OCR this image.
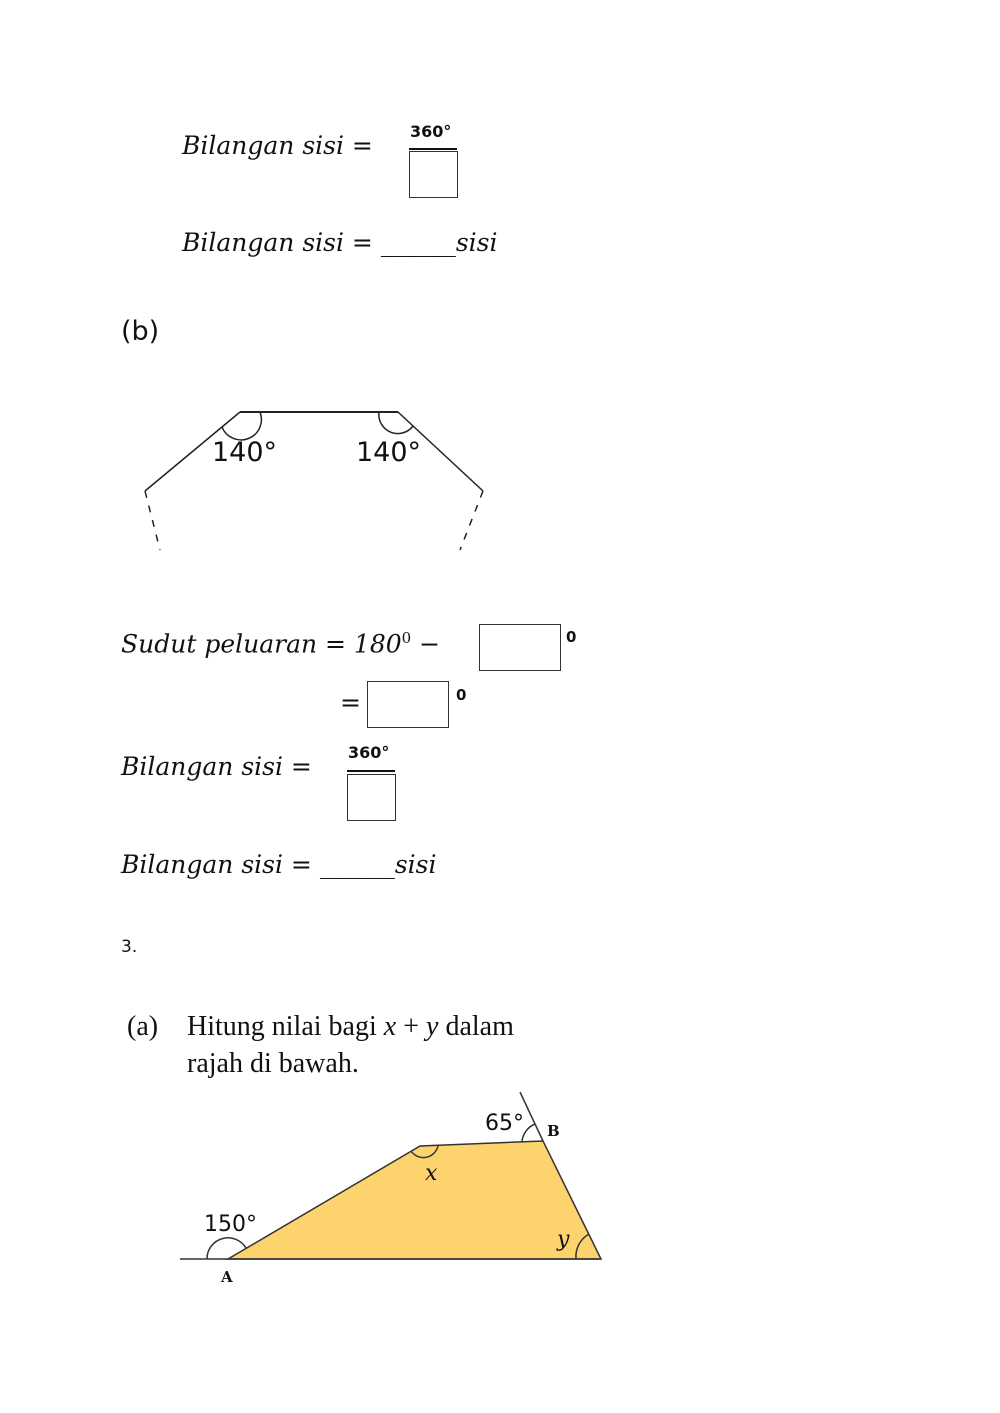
Bilangan sisi = 360°
Bilangan sisi = ______sisi
(b)
140°	140°
Sudut peluaran = $180^0$ −	0
=	0
Bilangan sisi = 360°
Bilangan sisi = ______sisi
3.
(a) Hitung nilai bagi x + y dalam
rajah di bawah.
65°
150°
x
y
A
B
